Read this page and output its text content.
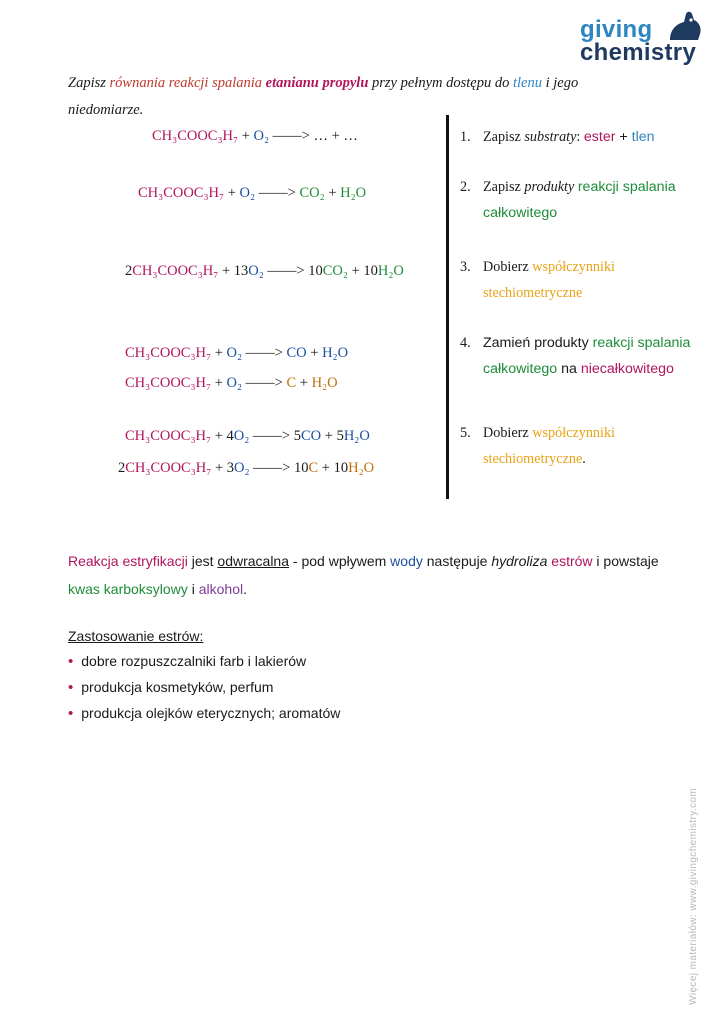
giving
chemistry
Zapisz równania reakcji spalania etanianu propylu przy pełnym dostępu do tlenu i jego niedomiarze.
CH₃COOC₃H₇ + O₂ ——> … + …
CH₃COOC₃H₇ + O₂ ——> CO₂ + H₂O
2CH₃COOC₃H₇ + 13O₂ ——> 10CO₂ + 10H₂O
CH₃COOC₃H₇ + O₂ ——> CO + H₂O
CH₃COOC₃H₇ + O₂ ——> C + H₂O
CH₃COOC₃H₇ + 4O₂ ——> 5CO + 5H₂O
2CH₃COOC₃H₇ + 3O₂ ——> 10C + 10H₂O
1. Zapisz substraty: ester + tlen
2. Zapisz produkty reakcji spalania całkowitego
3. Dobierz współczynniki stechiometryczne
4. Zamień produkty reakcji spalania całkowitego na niecałkowitego
5. Dobierz współczynniki stechiometryczne.
Reakcja estryfikacji jest odwracalna - pod wpływem wody następuje hydroliza estrów i powstaje kwas karboksylowy i alkohol.
Zastosowanie estrów:
• dobre rozpuszczalniki farb i lakierów
• produkcja kosmetyków, perfum
• produkcja olejków eterycznych; aromatów
Więcej materiałów: www.givingchemistry.com
